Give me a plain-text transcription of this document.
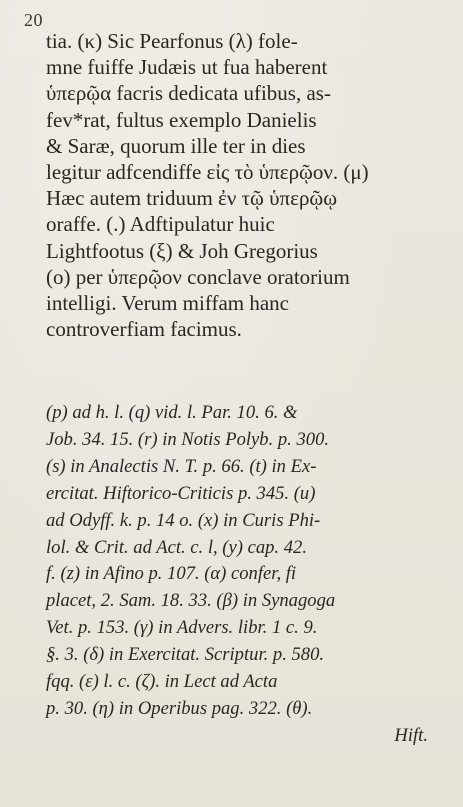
20
tia. (κ) Sic Pearfonus (λ) fole-
mne fuiffe Judæis ut fua haberent
ὑπερῷα facris dedicata ufibus, as-
fev*rat, fultus exemplo Danielis
& Saræ, quorum ille ter in dies
legitur adfcendiffe εἰς τὸ ὑπερῷον. (μ)
Hæc autem triduum ἐν τῷ ὑπερῷῳ
oraffe. (.) Adftipulatur huic
Lightfootus (ξ) & Joh Gregorius
(ο) per ὑπερῷον conclave oratorium
intelligi. Verum miffam hanc
controverfiam facimus.
(p) ad h. l. (q) vid. l. Par. 10. 6. &
Job. 34. 15. (r) in Notis Polyb. p. 300.
(s) in Analectis N. T. p. 66. (t) in Ex-
ercitat. Hiftorico-Criticis p. 345. (u)
ad Odyff. k. p. 14 o. (x) in Curis Phi-
lol. & Crit. ad Act. c. l, (y) cap. 42.
f. (z) in Afino p. 107. (α) confer, fi
placet, 2. Sam. 18. 33. (β) in Synagoga
Vet. p. 153. (γ) in Advers. libr. 1 c. 9.
§. 3. (δ) in Exercitat. Scriptur. p. 580.
fqq. (ε) l. c. (ζ). in Lect ad Acta
p. 30. (η) in Operibus pag. 322. (θ).
Hift.
